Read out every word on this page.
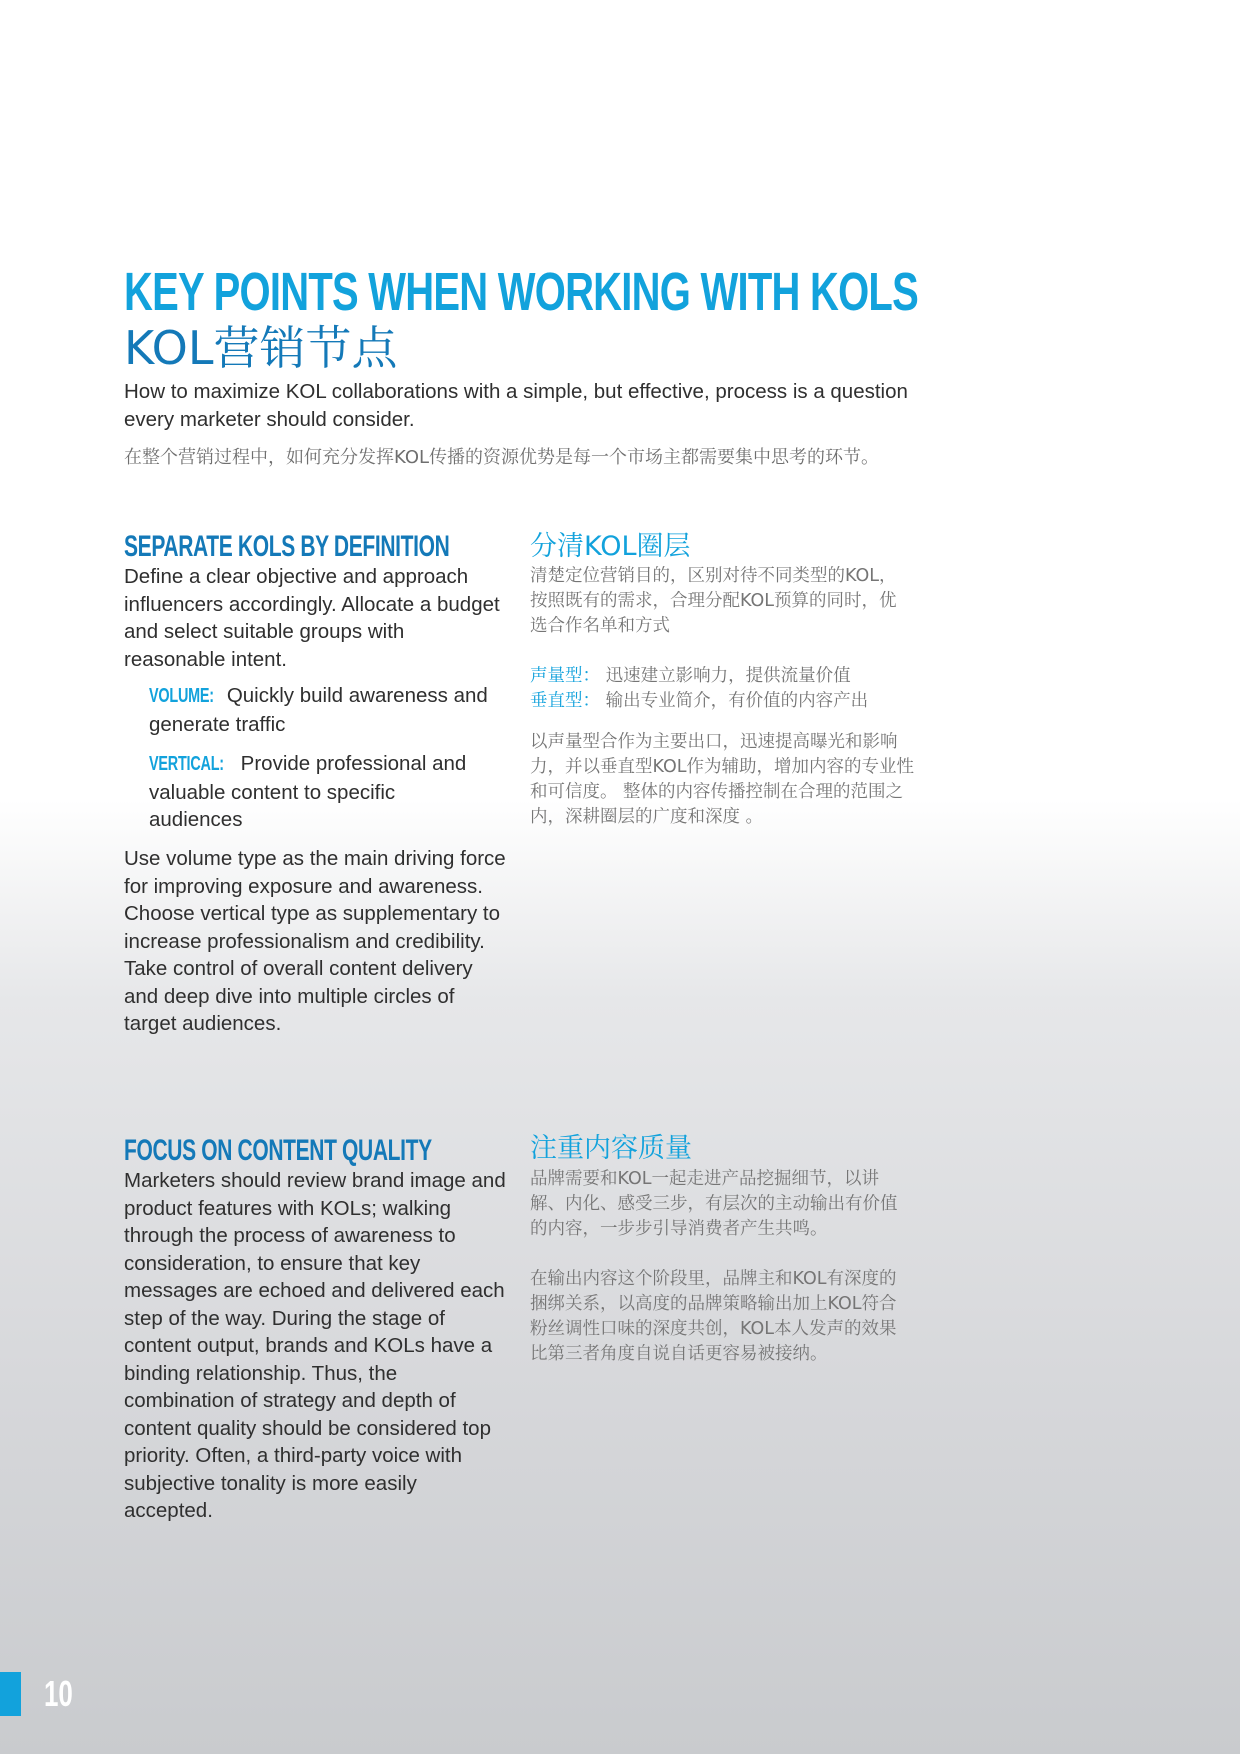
KEY POINTS WHEN WORKING WITH KOLS
KOL营销节点
How to maximize KOL collaborations with a simple, but effective, process is a question every marketer should consider.
在整个营销过程中，如何充分发挥KOL传播的资源优势是每一个市场主都需要集中思考的环节。
SEPARATE KOLS BY DEFINITION
Define a clear objective and approach influencers accordingly. Allocate a budget and select suitable groups with reasonable intent.
VOLUME: Quickly build awareness and generate traffic
VERTICAL: Provide professional and valuable content to specific audiences
Use volume type as the main driving force for improving exposure and awareness. Choose vertical type as supplementary to increase professionalism and credibility. Take control of overall content delivery and deep dive into multiple circles of target audiences.
分清KOL圈层
清楚定位营销目的，区别对待不同类型的KOL，按照既有的需求，合理分配KOL预算的同时，优选合作名单和方式
声量型： 迅速建立影响力，提供流量价值
垂直型： 输出专业简介，有价值的内容产出
以声量型合作为主要出口，迅速提高曝光和影响力，并以垂直型KOL作为辅助，增加内容的专业性和可信度。 整体的内容传播控制在合理的范围之内，深耕圈层的广度和深度 。
FOCUS ON CONTENT QUALITY
Marketers should review brand image and product features with KOLs; walking through the process of awareness to consideration, to ensure that key messages are echoed and delivered each step of the way. During the stage of content output, brands and KOLs have a binding relationship. Thus, the combination of strategy and depth of content quality should be considered top priority. Often, a third-party voice with subjective tonality is more easily accepted.
注重内容质量
品牌需要和KOL一起走进产品挖掘细节，以讲解、内化、感受三步，有层次的主动输出有价值的内容，一步步引导消费者产生共鸣。
在输出内容这个阶段里，品牌主和KOL有深度的捆绑关系，以高度的品牌策略输出加上KOL符合粉丝调性口味的深度共创，KOL本人发声的效果比第三者角度自说自话更容易被接纳。
10
